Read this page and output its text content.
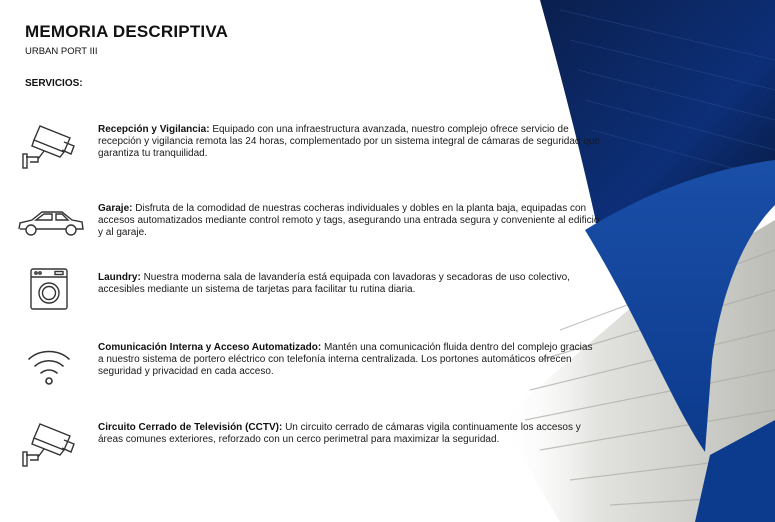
MEMORIA DESCRIPTIVA
URBAN PORT III
SERVICIOS:
Recepción y Vigilancia: Equipado con una infraestructura avanzada, nuestro complejo ofrece servicio de recepción y vigilancia remota las 24 horas, complementado por un sistema integral de cámaras de seguridad que garantiza tu tranquilidad.
Garaje: Disfruta de la comodidad de nuestras cocheras individuales y dobles en la planta baja, equipadas con accesos automatizados mediante control remoto y tags, asegurando una entrada segura y conveniente al edificio y al garaje.
Laundry: Nuestra moderna sala de lavandería está equipada con lavadoras y secadoras de uso colectivo, accesibles mediante un sistema de tarjetas para facilitar tu rutina diaria.
Comunicación Interna y Acceso Automatizado: Mantén una comunicación fluida dentro del complejo gracias a nuestro sistema de portero eléctrico con telefonía interna centralizada. Los portones automáticos ofrecen seguridad y privacidad en cada acceso.
Circuito Cerrado de Televisión (CCTV): Un circuito cerrado de cámaras vigila continuamente los accesos y áreas comunes exteriores, reforzado con un cerco perimetral para maximizar la seguridad.
